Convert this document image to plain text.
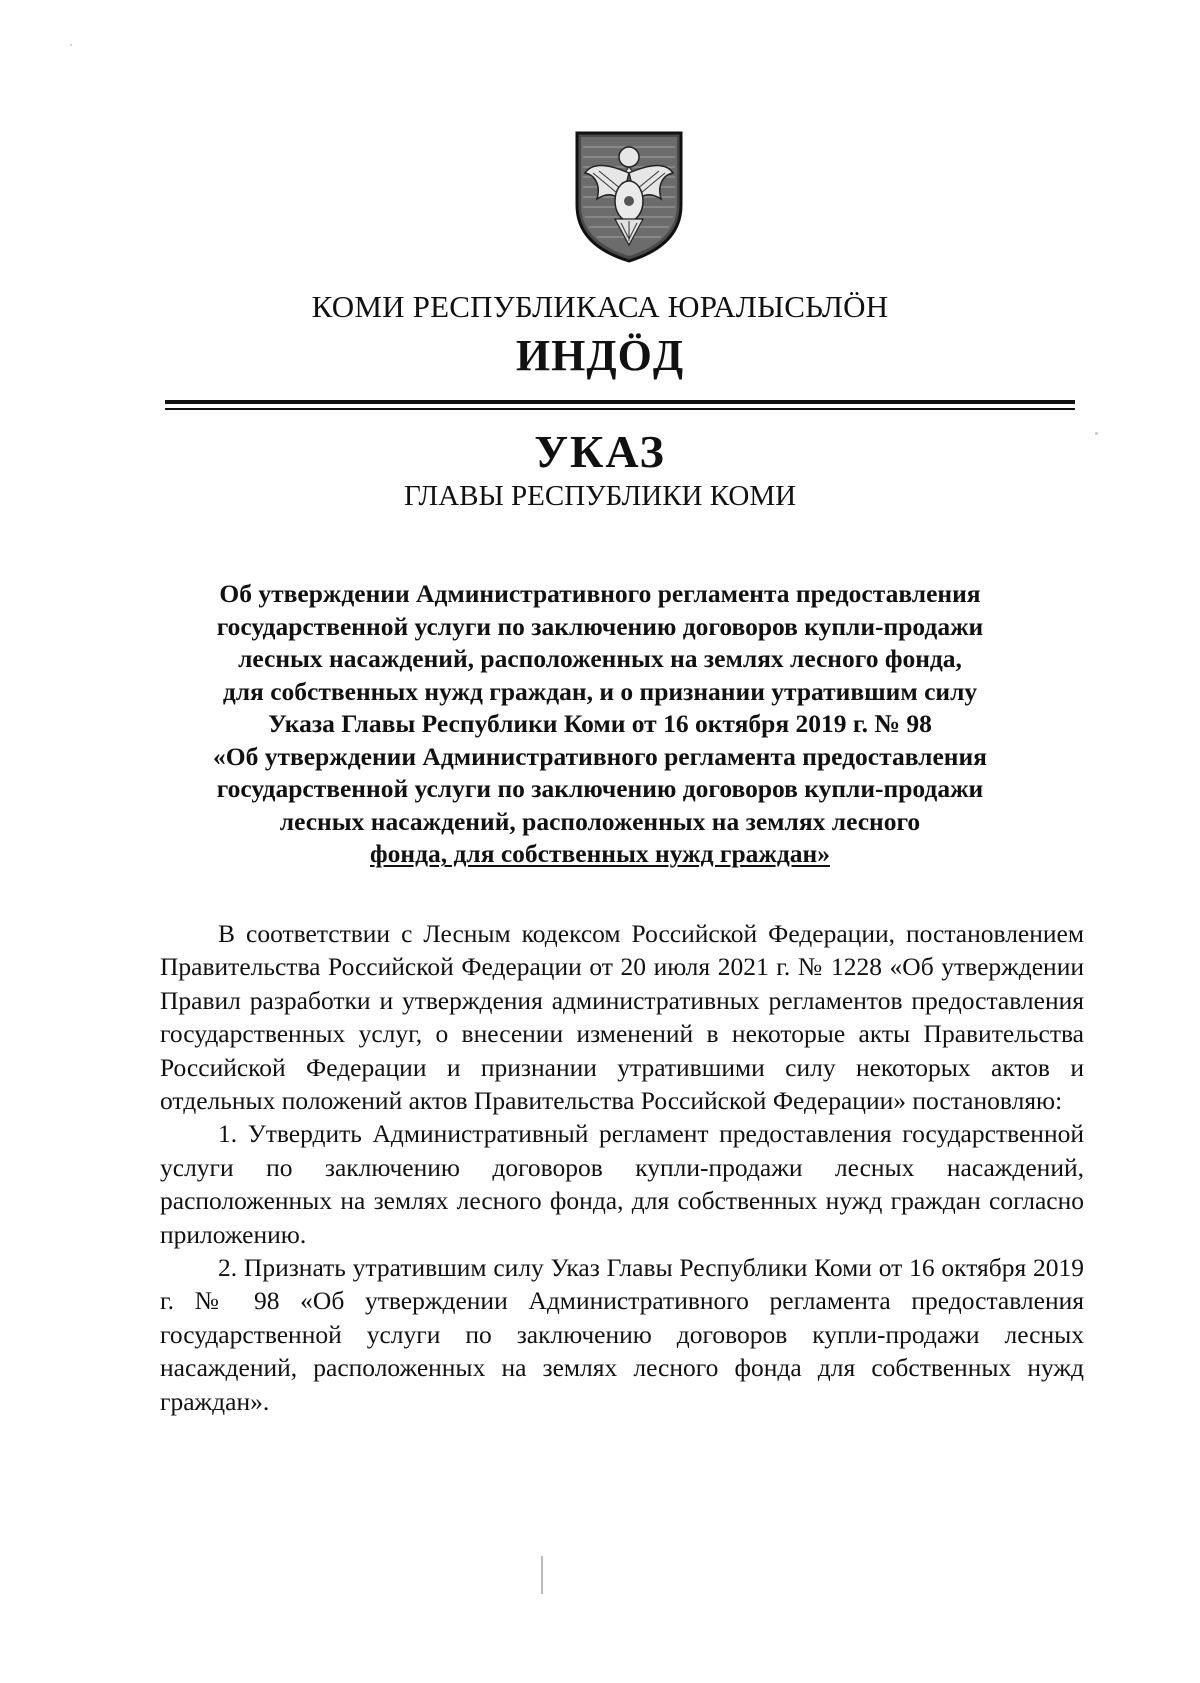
КОМИ РЕСПУБЛИКАСА ЮРАЛЫСЬЛӦН
ИНДӦД
УКАЗ
ГЛАВЫ РЕСПУБЛИКИ КОМИ
Об утверждении Административного регламента предоставления
государственной услуги по заключению договоров купли-продажи
лесных насаждений, расположенных на землях лесного фонда,
для собственных нужд граждан, и о признании утратившим силу
Указа Главы Республики Коми от 16 октября 2019 г. № 98
«Об утверждении Административного регламента предоставления
государственной услуги по заключению договоров купли-продажи
лесных насаждений, расположенных на землях лесного
фонда, для собственных нужд граждан»

В соответствии с Лесным кодексом Российской Федерации, постановлением Правительства Российской Федерации от 20 июля 2021 г. № 1228 «Об утверждении Правил разработки и утверждения административных регламентов предоставления государственных услуг, о внесении изменений в некоторые акты Правительства Российской Федерации и признании утратившими силу некоторых актов и отдельных положений актов Правительства Российской Федерации» постановляю:

1. Утвердить Административный регламент предоставления государственной услуги по заключению договоров купли-продажи лесных насаждений, расположенных на землях лесного фонда, для собственных нужд граждан согласно приложению.

2. Признать утратившим силу Указ Главы Республики Коми от 16 октября 2019 г. № 98 «Об утверждении Административного регламента предоставления государственной услуги по заключению договоров купли-продажи лесных насаждений, расположенных на землях лесного фонда для собственных нужд граждан».
